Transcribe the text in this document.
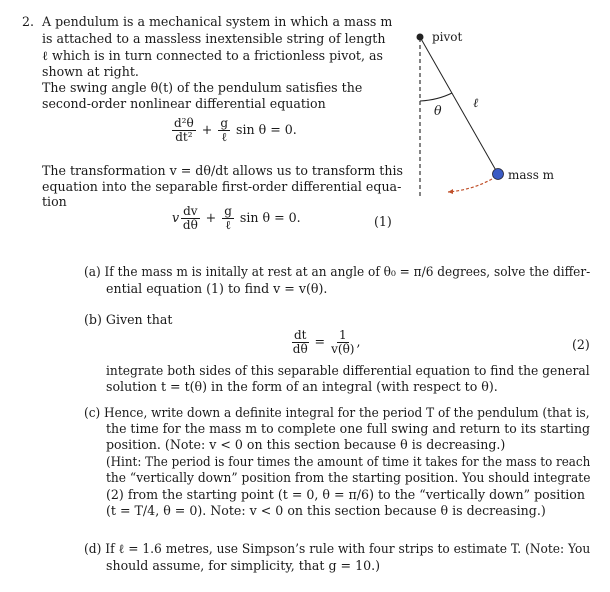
2. A pendulum is a mechanical system in which a mass m
is attached to a massless inextensible string of length
ℓ which is in turn connected to a frictionless pivot, as
shown at right.
The swing angle θ(t) of the pendulum satisfies the
second-order nonlinear differential equation
$\frac{\text{d²θ}}{\text{dt²}} + \frac{g}{\text{ℓ}}$ sin θ = 0.
The transformation v = dθ/dt allows us to transform this
equation into the separable first-order differential equa-
tion
v $\frac{dv}{d\theta} + \frac{g}{\text{ℓ}}$ sin θ = 0.	(1)
pivot
ℓ
θ
mass m
(a) If the mass m is initally at rest at an angle of θ₀ = π/6 degrees, solve the differ-
ential equation (1) to find v = v(θ).
(b) Given that
$\frac{dt}{d\theta} = \frac{1}{v(\theta)}$ ,	(2)
integrate both sides of this separable differential equation to find the general
solution t = t(θ) in the form of an integral (with respect to θ).
(c) Hence, write down a definite integral for the period T of the pendulum (that is,
the time for the mass m to complete one full swing and return to its starting
position. (Note: v < 0 on this section because θ is decreasing.)
(Hint: The period is four times the amount of time it takes for the mass to reach
the “vertically down” position from the starting position. You should integrate
(2) from the starting point (t = 0, θ = π/6) to the “vertically down” position
(t = T/4, θ = 0). Note: v < 0 on this section because θ is decreasing.)
(d) If ℓ = 1.6 metres, use Simpson’s rule with four strips to estimate T. (Note: You
should assume, for simplicity, that g = 10.)
